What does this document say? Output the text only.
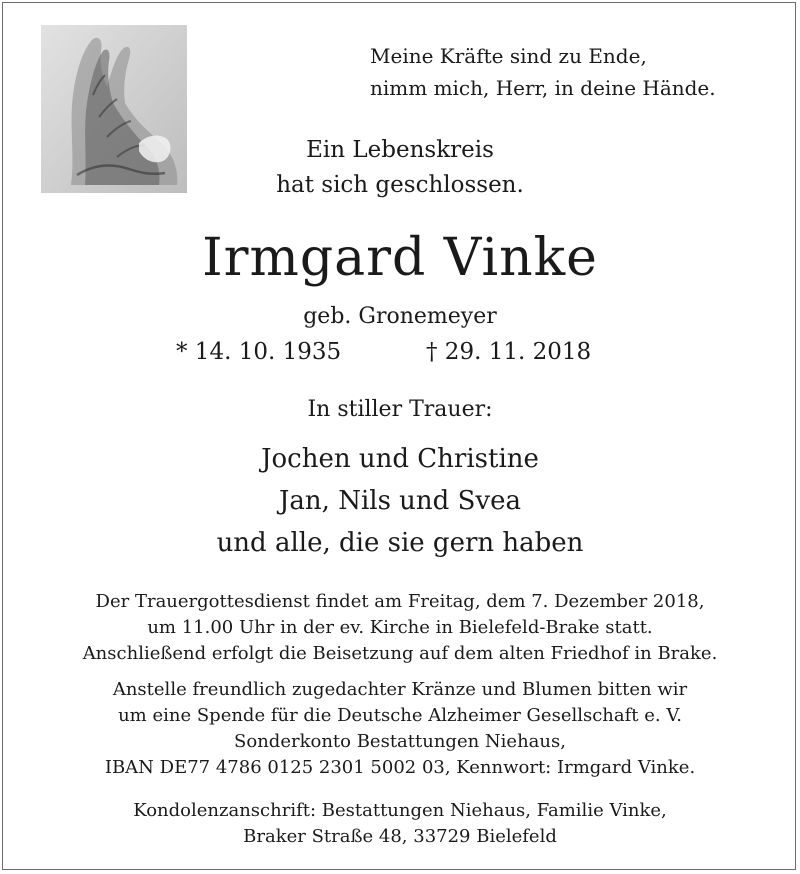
Meine Kräfte sind zu Ende,
nimm mich, Herr, in deine Hände.
Ein Lebenskreis
hat sich geschlossen.
Irmgard Vinke
geb. Gronemeyer
* 14. 10. 1935	† 29. 11. 2018
In stiller Trauer:
Jochen und Christine
Jan, Nils und Svea
und alle, die sie gern haben
Der Trauergottesdienst findet am Freitag, dem 7. Dezember 2018,
um 11.00 Uhr in der ev. Kirche in Bielefeld-Brake statt.
Anschließend erfolgt die Beisetzung auf dem alten Friedhof in Brake.
Anstelle freundlich zugedachter Kränze und Blumen bitten wir
um eine Spende für die Deutsche Alzheimer Gesellschaft e. V.
Sonderkonto Bestattungen Niehaus,
IBAN DE77 4786 0125 2301 5002 03, Kennwort: Irmgard Vinke.
Kondolenzanschrift: Bestattungen Niehaus, Familie Vinke,
Braker Straße 48, 33729 Bielefeld
